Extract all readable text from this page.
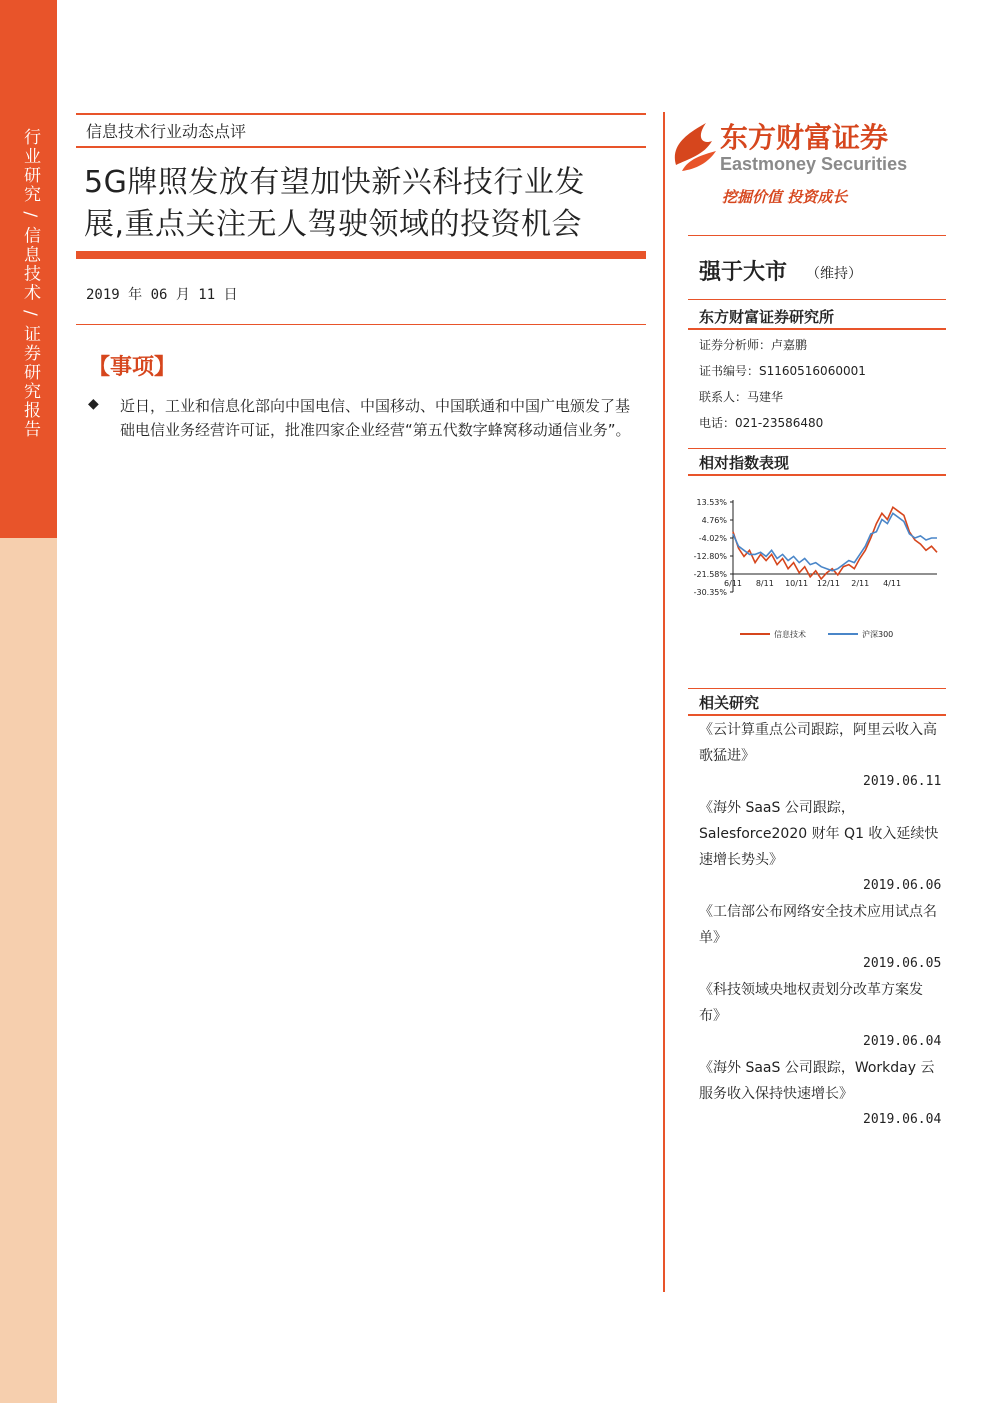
行业研究 / 信息技术 / 证券研究报告	信息技术行业动态点评
5G牌照发放有望加快新兴科技行业发
展,重点关注无人驾驶领域的投资机会
2019 年 06 月 11 日
【事项】
◆ 近日，工业和信息化部向中国电信、中国移动、中国联通和中国广电颁发了基础电信业务经营许可证，批准四家企业经营“第五代数字蜂窝移动通信业务”。
东方财富证券
Eastmoney Securities
挖掘价值 投资成长
强于大市 （维持）
东方财富证券研究所
证券分析师：卢嘉鹏
证书编号：S1160516060001
联系人：马建华
电话：021-23586480
相对指数表现
13.53%
4.76%
-4.02%
-12.80%
-21.58%
-30.35%
6/11 8/11 10/11 12/11 2/11 4/11
信息技术	沪深300
相关研究
《云计算重点公司跟踪，阿里云收入高歌猛进》
2019.06.11
《海外 SaaS 公司跟踪，Salesforce2020 财年 Q1 收入延续快速增长势头》
2019.06.06
《工信部公布网络安全技术应用试点名单》
2019.06.05
《科技领域央地权责划分改革方案发布》
2019.06.04
《海外 SaaS 公司跟踪，Workday 云服务收入保持快速增长》
2019.06.04
